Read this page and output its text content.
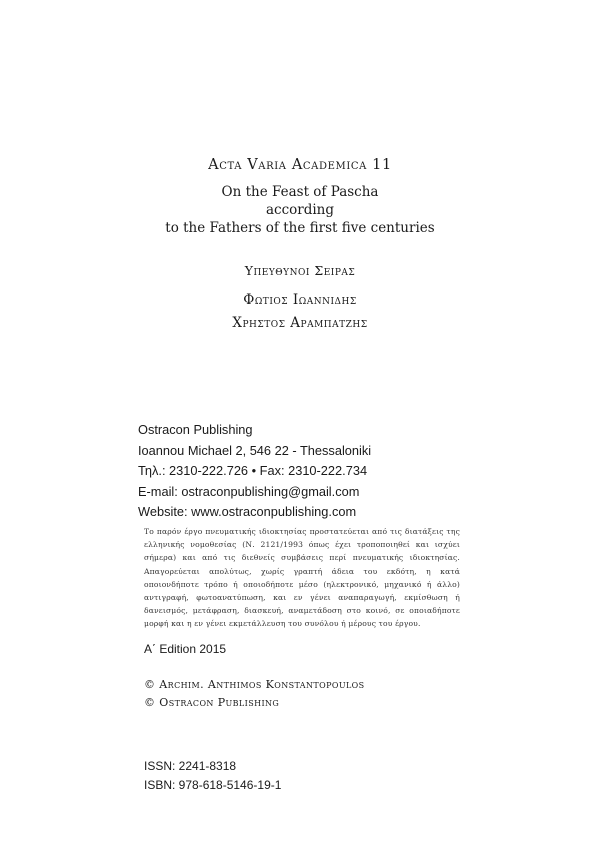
Acta Varia Academica 11
On the Feast of Pascha
according
to the Fathers of the first five centuries
Υπευθυνοι Σειρας
Φωτιος Ιωαννιδης
Χρηστος Αραμπατζης
Ostracon Publishing
Ioannou Michael 2, 546 22 - Thessaloniki
Τηλ.: 2310-222.726 • Fax: 2310-222.734
E-mail: ostraconpublishing@gmail.com
Website: www.ostraconpublishing.com
Το παρόν έργο πνευματικής ιδιοκτησίας προστατεύεται από τις διατάξεις της ελληνικής νομοθεσίας (Ν. 2121/1993 όπως έχει τροποποιηθεί και ισχύει σήμερα) και από τις διεθνείς συμβάσεις περί πνευματικής ιδιοκτησίας. Απαγορεύεται απολύτως, χωρίς γραπτή άδεια του εκδότη, η κατά οποιονδήποτε τρόπο ή οποιοδήποτε μέσο (ηλεκτρονικό, μηχανικό ή άλλο) αντιγραφή, φωτοανατύπωση, και εν γένει αναπαραγωγή, εκμίσθωση ή δανεισμός, μετάφραση, διασκευή, αναμετάδοση στο κοινό, σε οποιαδήποτε μορφή και η εν γένει εκμετάλλευση του συνόλου ή μέρους του έργου.
A΄ Edition 2015
© Archim. Anthimos Konstantopoulos
© Ostracon Publishing
ISSN: 2241-8318
ISBN: 978-618-5146-19-1
